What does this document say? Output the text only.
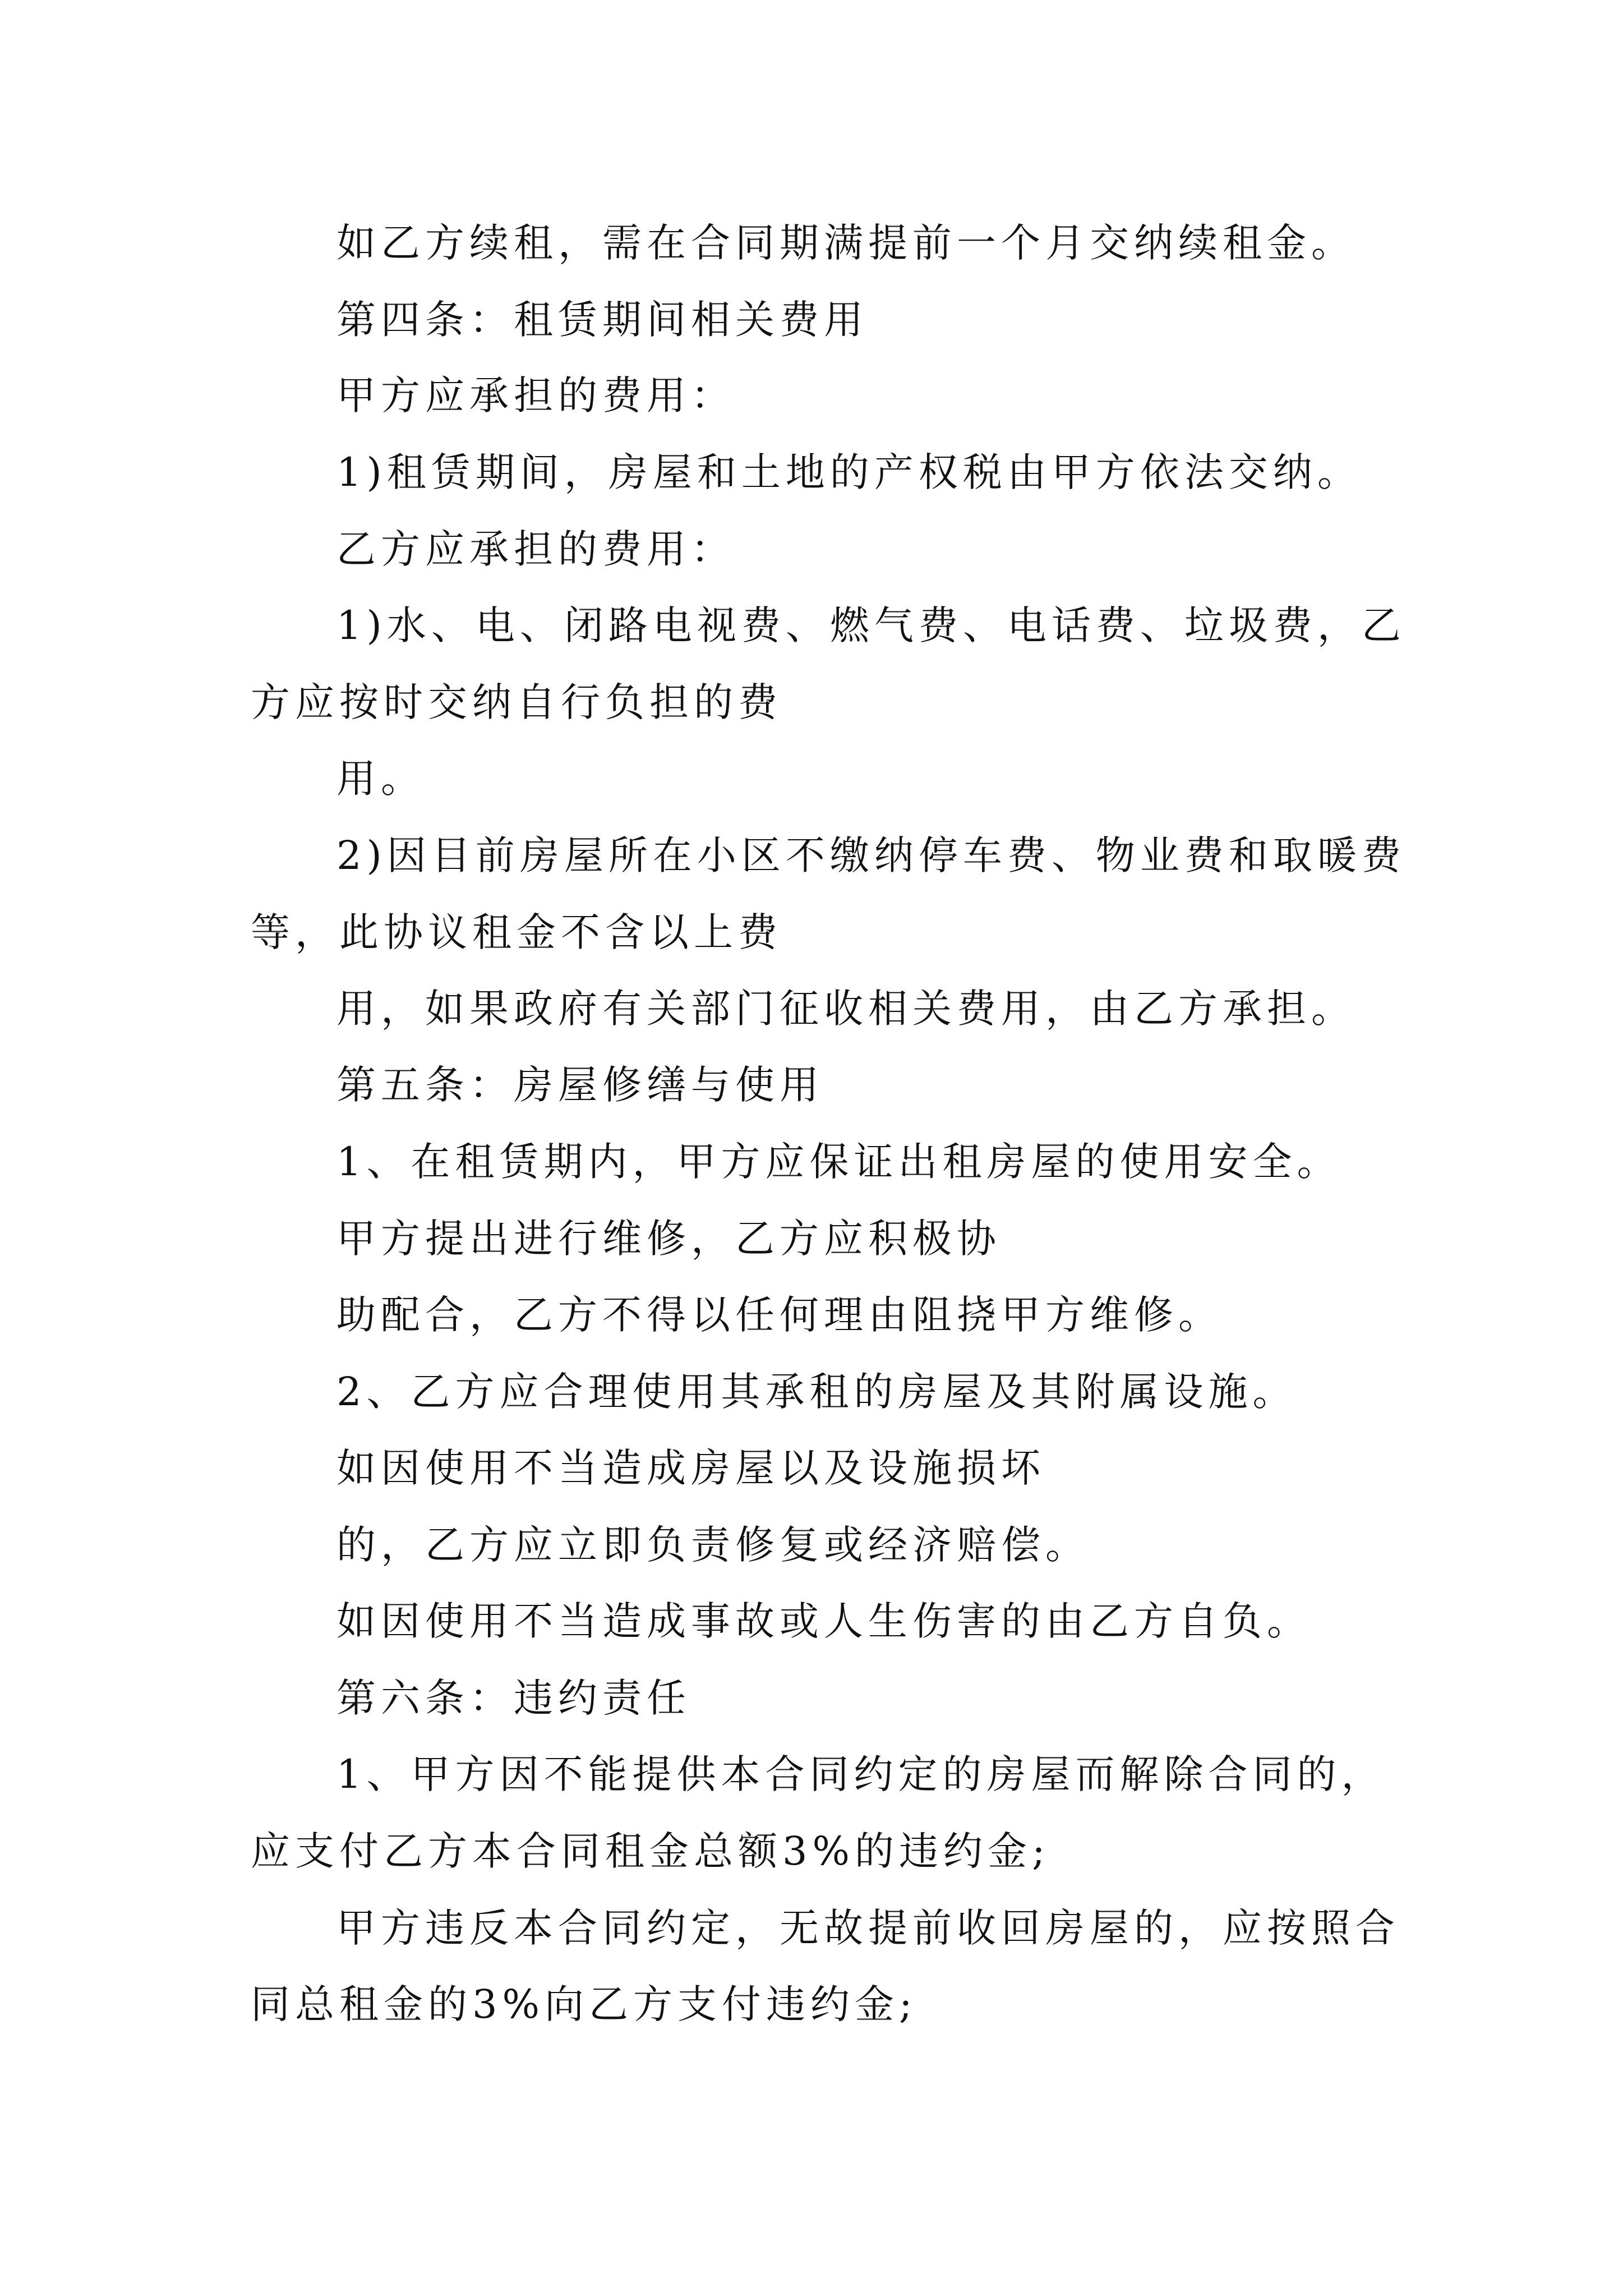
如乙方续租，需在合同期满提前一个月交纳续租金。
第四条：租赁期间相关费用
甲方应承担的费用：
1)租赁期间，房屋和土地的产权税由甲方依法交纳。
乙方应承担的费用：
1)水、电、闭路电视费、燃气费、电话费、垃圾费，乙
方应按时交纳自行负担的费
用。
2)因目前房屋所在小区不缴纳停车费、物业费和取暖费
等，此协议租金不含以上费
用，如果政府有关部门征收相关费用，由乙方承担。
第五条：房屋修缮与使用
1、在租赁期内，甲方应保证出租房屋的使用安全。
甲方提出进行维修，乙方应积极协
助配合，乙方不得以任何理由阻挠甲方维修。
2、乙方应合理使用其承租的房屋及其附属设施。
如因使用不当造成房屋以及设施损坏
的，乙方应立即负责修复或经济赔偿。
如因使用不当造成事故或人生伤害的由乙方自负。
第六条：违约责任
1、甲方因不能提供本合同约定的房屋而解除合同的，
应支付乙方本合同租金总额3%的违约金;
甲方违反本合同约定，无故提前收回房屋的，应按照合
同总租金的3%向乙方支付违约金;
